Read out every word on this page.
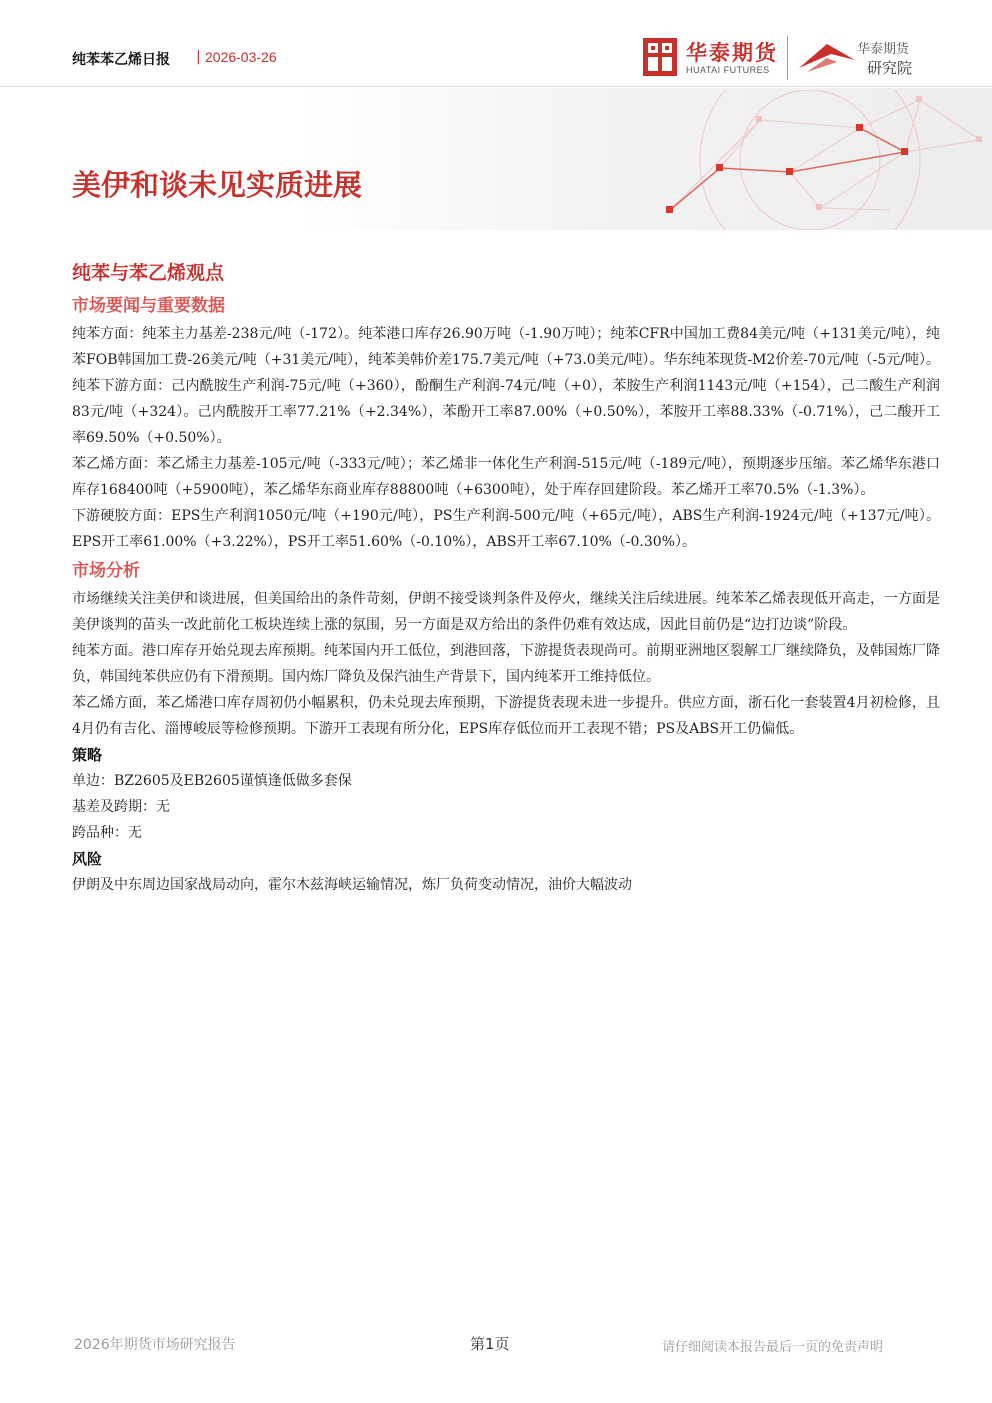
纯苯苯乙烯日报 | 2026-03-26	华泰期货
HUATAI FUTURES
华泰期货
研究院
美伊和谈未见实质进展
纯苯与苯乙烯观点
市场要闻与重要数据

纯苯方面：纯苯主力基差-238元/吨（-172）。纯苯港口库存26.90万吨（-1.90万吨）；纯苯CFR中国加工费84美元/吨（+131美元/吨），纯苯FOB韩国加工费-26美元/吨（+31美元/吨），纯苯美韩价差175.7美元/吨（+73.0美元/吨）。华东纯苯现货-M2价差-70元/吨（-5元/吨）。

纯苯下游方面：己内酰胺生产利润-75元/吨（+360），酚酮生产利润-74元/吨（+0），苯胺生产利润1143元/吨（+154），己二酸生产利润83元/吨（+324）。己内酰胺开工率77.21%（+2.34%），苯酚开工率87.00%（+0.50%），苯胺开工率88.33%（-0.71%），己二酸开工率69.50%（+0.50%）。

苯乙烯方面：苯乙烯主力基差-105元/吨（-333元/吨）；苯乙烯非一体化生产利润-515元/吨（-189元/吨），预期逐步压缩。苯乙烯华东港口库存168400吨（+5900吨），苯乙烯华东商业库存88800吨（+6300吨），处于库存回建阶段。苯乙烯开工率70.5%（-1.3%）。

下游硬胶方面：EPS生产利润1050元/吨（+190元/吨），PS生产利润-500元/吨（+65元/吨），ABS生产利润-1924元/吨（+137元/吨）。EPS开工率61.00%（+3.22%），PS开工率51.60%（-0.10%），ABS开工率67.10%（-0.30%）。

市场分析

市场继续关注美伊和谈进展，但美国给出的条件苛刻，伊朗不接受谈判条件及停火，继续关注后续进展。纯苯苯乙烯表现低开高走，一方面是美伊谈判的苗头一改此前化工板块连续上涨的氛围，另一方面是双方给出的条件仍难有效达成，因此目前仍是“边打边谈”阶段。

纯苯方面。港口库存开始兑现去库预期。纯苯国内开工低位，到港回落，下游提货表现尚可。前期亚洲地区裂解工厂继续降负，及韩国炼厂降负，韩国纯苯供应仍有下滑预期。国内炼厂降负及保汽油生产背景下，国内纯苯开工维持低位。

苯乙烯方面，苯乙烯港口库存周初仍小幅累积，仍未兑现去库预期，下游提货表现未进一步提升。供应方面，浙石化一套装置4月初检修，且4月仍有吉化、淄博峻辰等检修预期。下游开工表现有所分化，EPS库存低位而开工表现不错；PS及ABS开工仍偏低。

策略

单边：BZ2605及EB2605谨慎逢低做多套保

基差及跨期：无

跨品种：无

风险

伊朗及中东周边国家战局动向，霍尔木兹海峡运输情况，炼厂负荷变动情况，油价大幅波动

2026年期货市场研究报告	第1页	请仔细阅读本报告最后一页的免责声明
